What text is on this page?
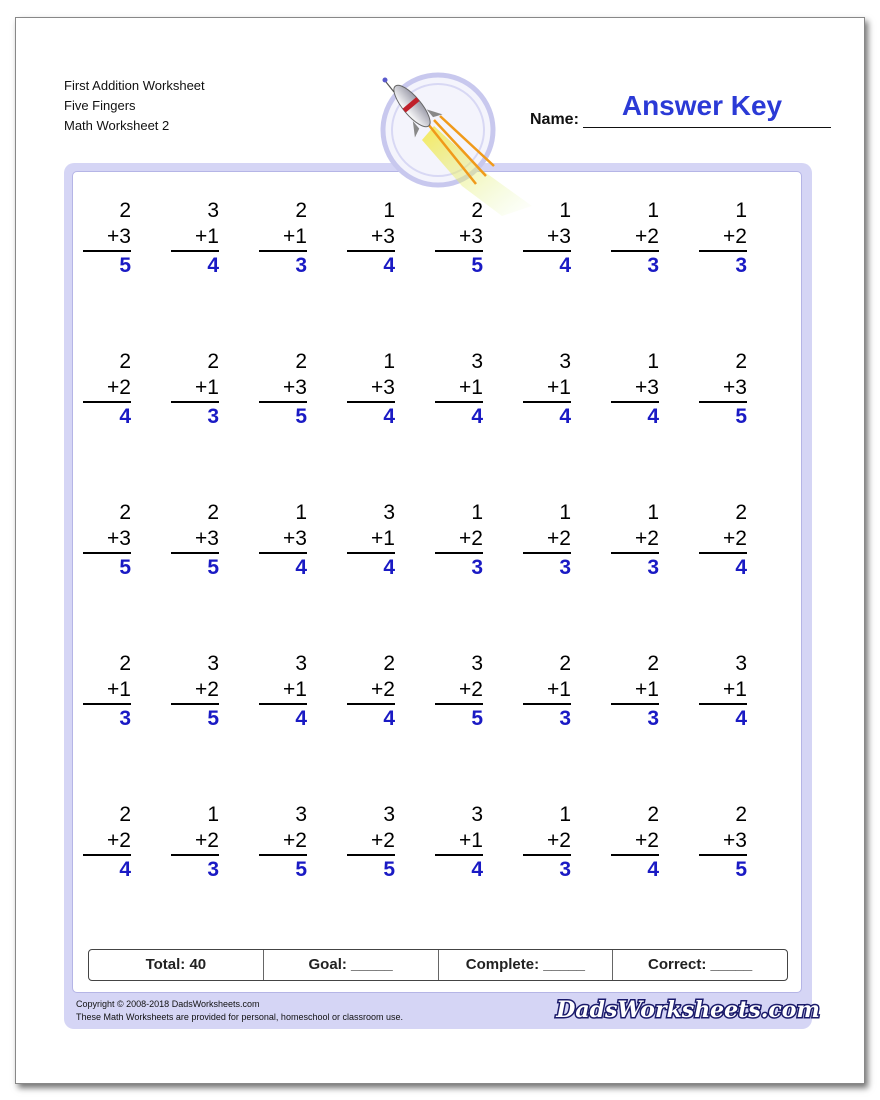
First Addition Worksheet
Five Fingers
Math Worksheet 2	Name:	Answer Key
2
+3
5
3
+1
4
2
+1
3
1
+3
4
2
+3
5
1
+3
4
1
+2
3
1
+2
3
2
+2
4
2
+1
3
2
+3
5
1
+3
4
3
+1
4
3
+1
4
1
+3
4
2
+3
5
2
+3
5
2
+3
5
1
+3
4
3
+1
4
1
+2
3
1
+2
3
1
+2
3
2
+2
4
2
+1
3
3
+2
5
3
+1
4
2
+2
4
3
+2
5
2
+1
3
2
+1
3
3
+1
4
2
+2
4
1
+2
3
3
+2
5
3
+2
5
3
+1
4
1
+2
3
2
+2
4
2
+3
5
Total: 40	Goal: _____	Complete: _____	Correct: _____
Copyright © 2008-2018 DadsWorksheets.com
These Math Worksheets are provided for personal, homeschool or classroom use.	DadsWorksheets.com
